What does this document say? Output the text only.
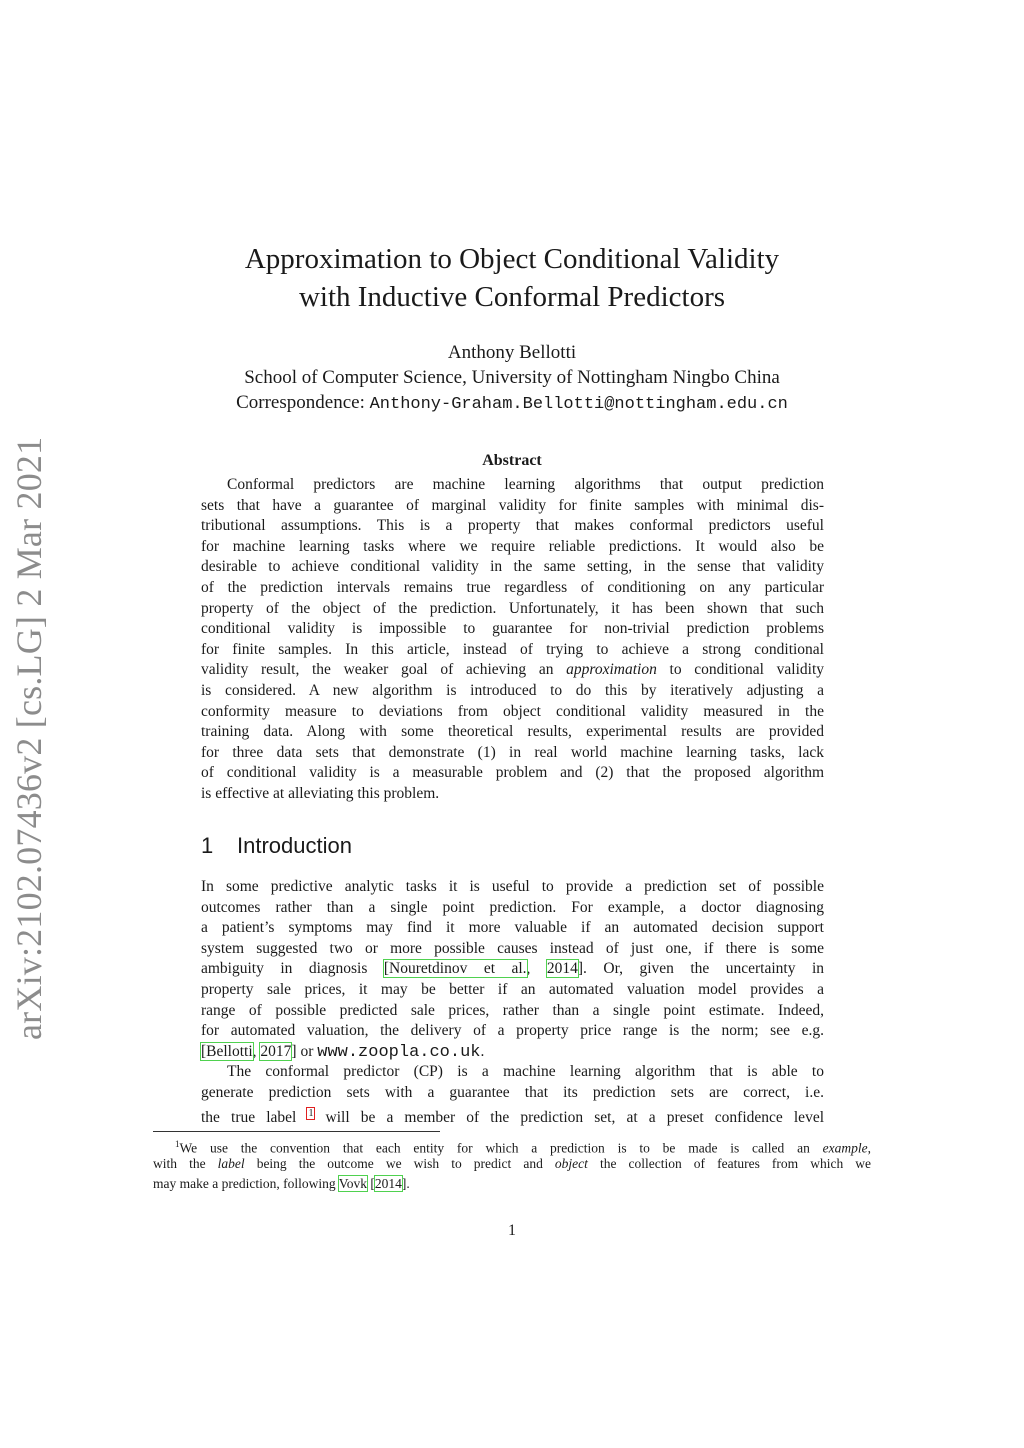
arXiv:2102.07436v2 [cs.LG] 2 Mar 2021
Approximation to Object Conditional Validity
with Inductive Conformal Predictors
Anthony Bellotti
School of Computer Science, University of Nottingham Ningbo China
Correspondence: Anthony-Graham.Bellotti@nottingham.edu.cn
Abstract
Conformal predictors are machine learning algorithms that output prediction
sets that have a guarantee of marginal validity for finite samples with minimal dis-
tributional assumptions. This is a property that makes conformal predictors useful
for machine learning tasks where we require reliable predictions. It would also be
desirable to achieve conditional validity in the same setting, in the sense that validity
of the prediction intervals remains true regardless of conditioning on any particular
property of the object of the prediction. Unfortunately, it has been shown that such
conditional validity is impossible to guarantee for non-trivial prediction problems
for finite samples. In this article, instead of trying to achieve a strong conditional
validity result, the weaker goal of achieving an approximation to conditional validity
is considered. A new algorithm is introduced to do this by iteratively adjusting a
conformity measure to deviations from object conditional validity measured in the
training data. Along with some theoretical results, experimental results are provided
for three data sets that demonstrate (1) in real world machine learning tasks, lack
of conditional validity is a measurable problem and (2) that the proposed algorithm
is effective at alleviating this problem.
1 Introduction
In some predictive analytic tasks it is useful to provide a prediction set of possible
outcomes rather than a single point prediction. For example, a doctor diagnosing
a patient’s symptoms may find it more valuable if an automated decision support
system suggested two or more possible causes instead of just one, if there is some
ambiguity in diagnosis [Nouretdinov et al., 2014]. Or, given the uncertainty in
property sale prices, it may be better if an automated valuation model provides a
range of possible predicted sale prices, rather than a single point estimate. Indeed,
for automated valuation, the delivery of a property price range is the norm; see e.g.
[Bellotti, 2017] or www.zoopla.co.uk.
The conformal predictor (CP) is a machine learning algorithm that is able to
generate prediction sets with a guarantee that its prediction sets are correct, i.e.
the true label $^1$ will be a member of the prediction set, at a preset confidence level
$^1$We use the convention that each entity for which a prediction is to be made is called an example,
with the label being the outcome we wish to predict and object the collection of features from which we
may make a prediction, following Vovk [2014].
1
